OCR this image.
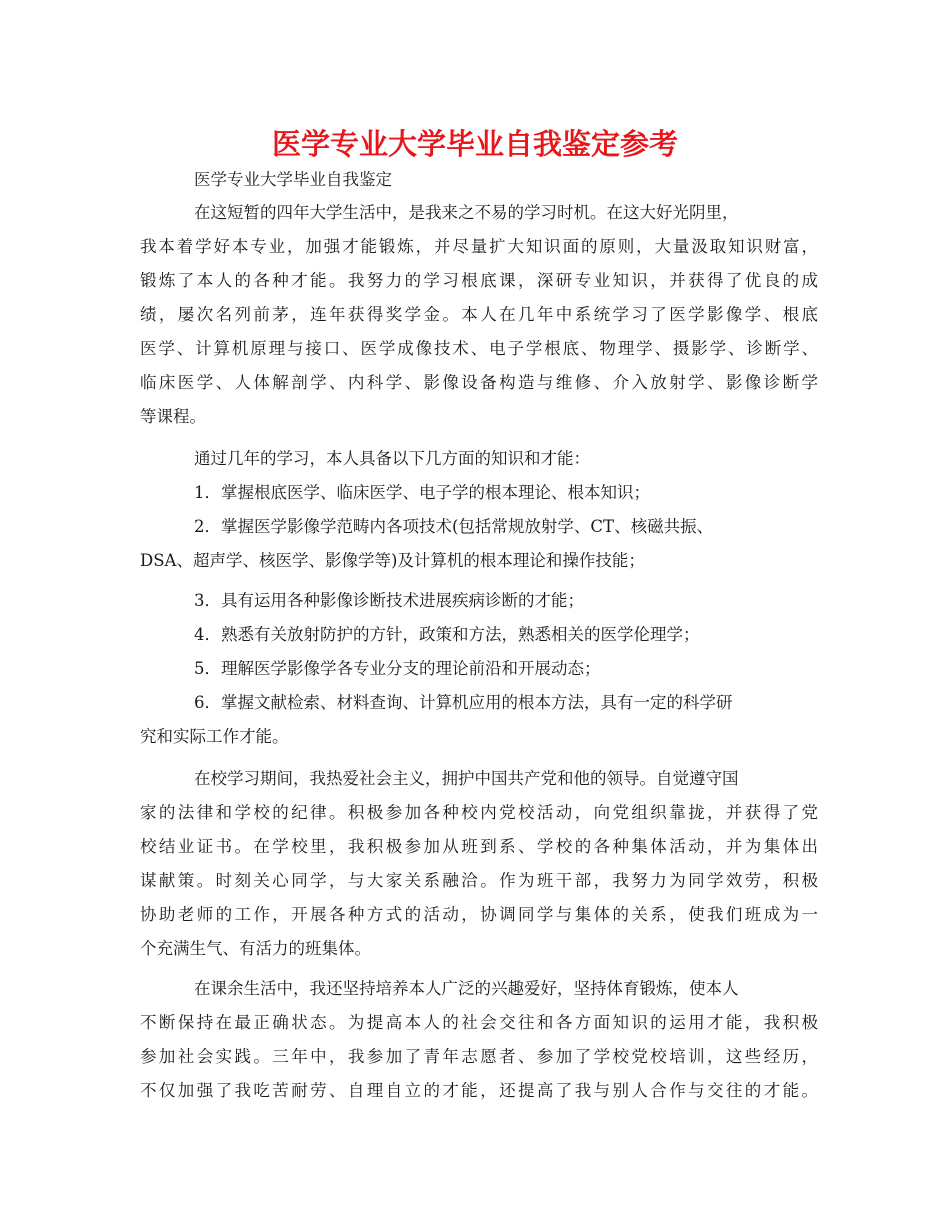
医学专业大学毕业自我鉴定参考

医学专业大学毕业自我鉴定

在这短暂的四年大学生活中，是我来之不易的学习时机。在这大好光阴里，

我本着学好本专业，加强才能锻炼，并尽量扩大知识面的原则，大量汲取知识财富，

锻炼了本人的各种才能。我努力的学习根底课，深研专业知识，并获得了优良的成

绩，屡次名列前茅，连年获得奖学金。本人在几年中系统学习了医学影像学、根底

医学、计算机原理与接口、医学成像技术、电子学根底、物理学、摄影学、诊断学、

临床医学、人体解剖学、内科学、影像设备构造与维修、介入放射学、影像诊断学

等课程。

通过几年的学习，本人具备以下几方面的知识和才能：

1．掌握根底医学、临床医学、电子学的根本理论、根本知识；

2．掌握医学影像学范畴内各项技术(包括常规放射学、CT、核磁共振、

DSA、超声学、核医学、影像学等)及计算机的根本理论和操作技能；

3．具有运用各种影像诊断技术进展疾病诊断的才能；

4．熟悉有关放射防护的方针，政策和方法，熟悉相关的医学伦理学；

5．理解医学影像学各专业分支的理论前沿和开展动态；

6．掌握文献检索、材料查询、计算机应用的根本方法，具有一定的科学研

究和实际工作才能。

在校学习期间，我热爱社会主义，拥护中国共产党和他的领导。自觉遵守国

家的法律和学校的纪律。积极参加各种校内党校活动，向党组织靠拢，并获得了党

校结业证书。在学校里，我积极参加从班到系、学校的各种集体活动，并为集体出

谋献策。时刻关心同学，与大家关系融洽。作为班干部，我努力为同学效劳，积极

协助老师的工作，开展各种方式的活动，协调同学与集体的关系，使我们班成为一

个充满生气、有活力的班集体。

在课余生活中，我还坚持培养本人广泛的兴趣爱好，坚持体育锻炼，使本人

不断保持在最正确状态。为提高本人的社会交往和各方面知识的运用才能，我积极

参加社会实践。三年中，我参加了青年志愿者、参加了学校党校培训，这些经历，

不仅加强了我吃苦耐劳、自理自立的才能，还提高了我与别人合作与交往的才能。
